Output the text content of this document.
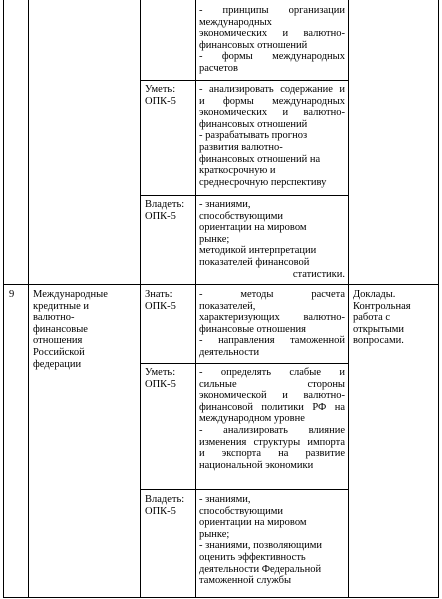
- принципы организации
международных
экономических и валютно-
финансовых отношений
- формы международных
расчетов
Уметь:
ОПК-5
- анализировать содержание и
и формы международных
экономических и валютно-
финансовых отношений
- разрабатывать прогноз
развития валютно-
финансовых отношений на
краткосрочную и
среднесрочную перспективу
Владеть:
ОПК-5
- знаниями,
способствующими
ориентации на мировом
рынке;
методикой интерпретации
показателей финансовой
статистики.
9	Международные
кредитные и
валютно-
финансовые
отношения
Российской
федерации
Знать:
ОПК-5
- методы расчета
показателей,
характеризующих валютно-
финансовые отношения
- направления таможенной
деятельности
Уметь:
ОПК-5
- определять слабые и
сильные стороны
экономической и валютно-
финансовой политики РФ на
международном уровне
- анализировать влияние
изменения структуры импорта
и экспорта на развитие
национальной экономики
Владеть:
ОПК-5
- знаниями,
способствующими
ориентации на мировом
рынке;
- знаниями, позволяющими
оценить эффективность
деятельности Федеральной
таможенной службы
Доклады.
Контрольная
работа с
открытыми
вопросами.
